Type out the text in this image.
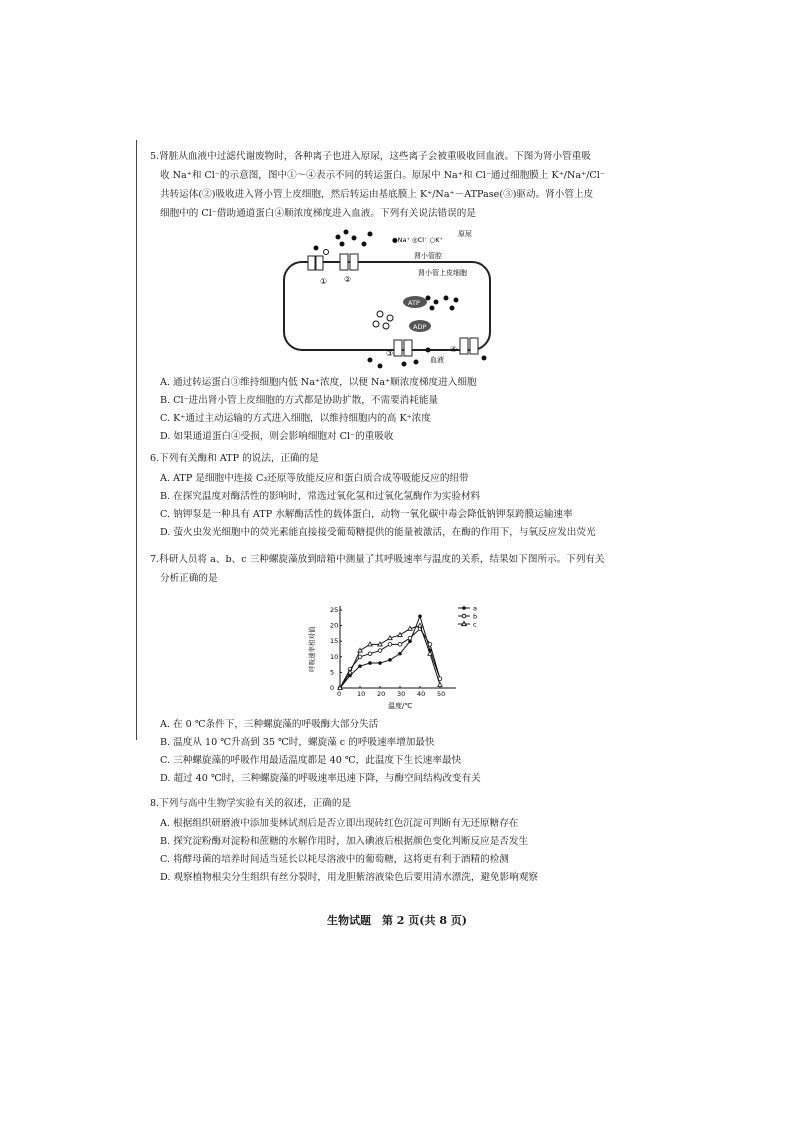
5.肾脏从血液中过滤代谢废物时，各种离子也进入原尿，这些离子会被重吸收回血液。下图为肾小管重吸
收 Na⁺和 Cl⁻的示意图，图中①～④表示不同的转运蛋白。原尿中 Na⁺和 Cl⁻通过细胞膜上 K⁺/Na⁺/Cl⁻
共转运体(②)吸收进入肾小管上皮细胞，然后转运由基底膜上 K⁺/Na⁺－ATPase(③)驱动。肾小管上皮
细胞中的 Cl⁻借助通道蛋白④顺浓度梯度进入血液。下列有关说法错误的是
●Na⁺ ◎Cl⁻ ○K⁺
原尿
肾小管腔
肾小管上皮细胞
血液
① ②
ATP
ADP
③	④
A. 通过转运蛋白③维持细胞内低 Na⁺浓度，以便 Na⁺顺浓度梯度进入细胞
B. Cl⁻进出肾小管上皮细胞的方式都是协助扩散，不需要消耗能量
C. K⁺通过主动运输的方式进入细胞，以维持细胞内的高 K⁺浓度
D. 如果通道蛋白④受损，则会影响细胞对 Cl⁻的重吸收
6.下列有关酶和 ATP 的说法，正确的是
A. ATP 是细胞中连接 C₃还原等放能反应和蛋白质合成等吸能反应的纽带
B. 在探究温度对酶活性的影响时，常选过氧化氢和过氧化氢酶作为实验材料
C. 钠钾泵是一种具有 ATP 水解酶活性的载体蛋白，动物一氧化碳中毒会降低钠钾泵跨膜运输速率
D. 萤火虫发光细胞中的荧光素能直接接受葡萄糖提供的能量被激活，在酶的作用下，与氧反应发出荧光
7.科研人员将 a、b、c 三种螺旋藻放到暗箱中测量了其呼吸速率与温度的关系，结果如下图所示。下列有关
分析正确的是
0 10 20 30 40 50
0
5
10
15
20
25	a
b
c
温度/℃
呼吸速率相对值
A. 在 0 ℃条件下，三种螺旋藻的呼吸酶大部分失活
B. 温度从 10 ℃升高到 35 ℃时，螺旋藻 c 的呼吸速率增加最快
C. 三种螺旋藻的呼吸作用最适温度都是 40 ℃，此温度下生长速率最快
D. 超过 40 ℃时，三种螺旋藻的呼吸速率迅速下降，与酶空间结构改变有关
8.下列与高中生物学实验有关的叙述，正确的是
A. 根据组织研磨液中添加斐林试剂后是否立即出现砖红色沉淀可判断有无还原糖存在
B. 探究淀粉酶对淀粉和蔗糖的水解作用时，加入碘液后根据颜色变化判断反应是否发生
C. 将酵母菌的培养时间适当延长以耗尽溶液中的葡萄糖，这将更有利于酒精的检测
D. 观察植物根尖分生组织有丝分裂时，用龙胆紫溶液染色后要用清水漂洗，避免影响观察
生物试题　第 2 页(共 8 页)
